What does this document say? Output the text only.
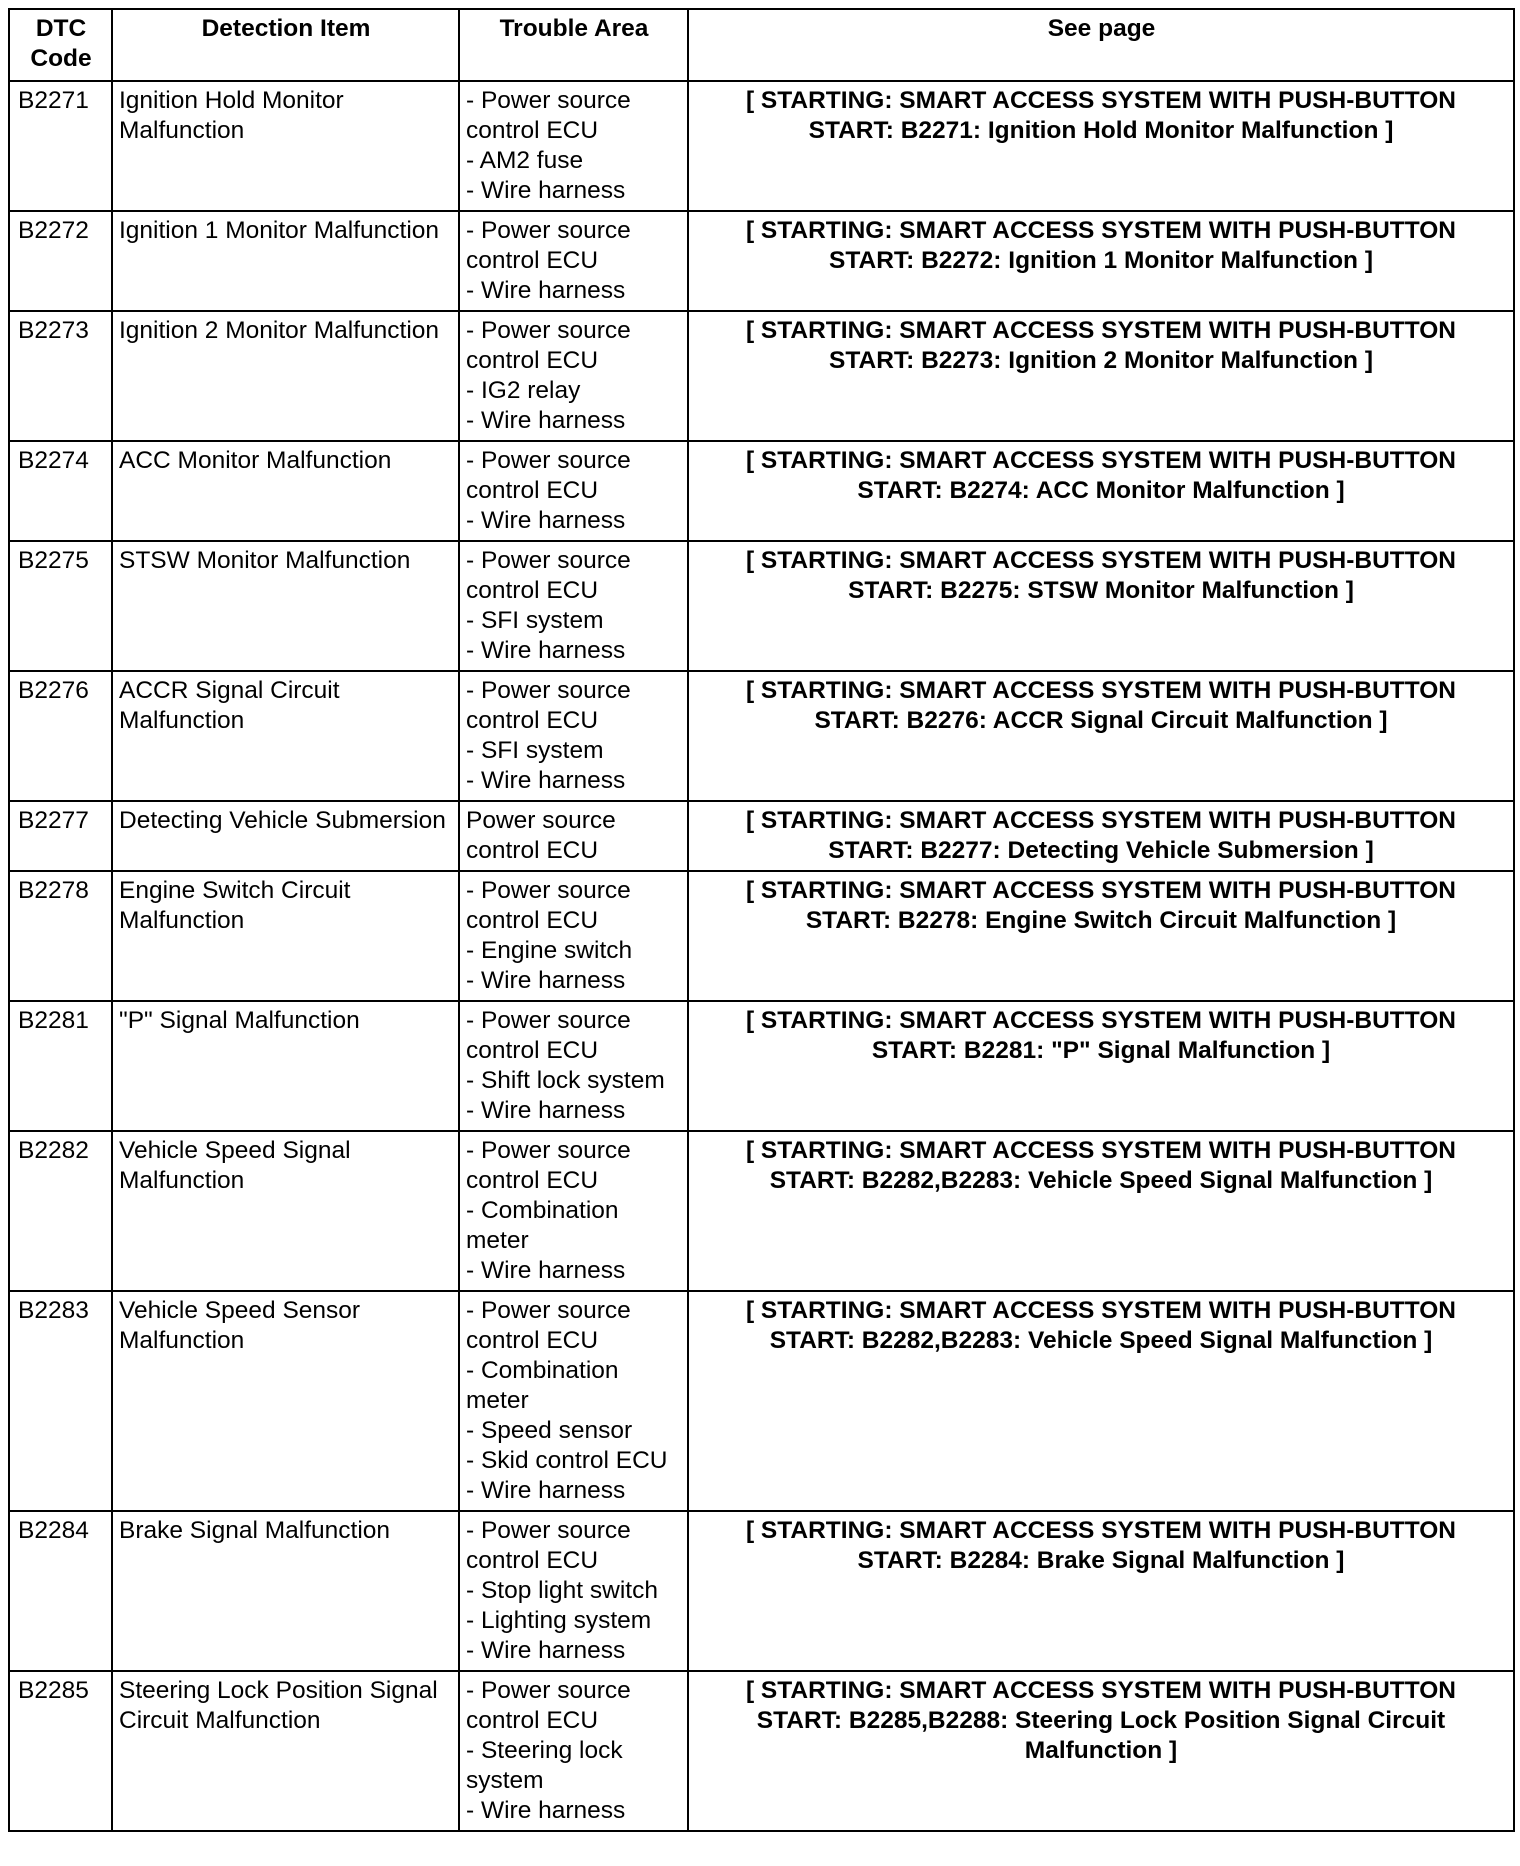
DTC
Code	Detection Item	Trouble Area	See page
B2271	Ignition Hold Monitor Malfunction	- Power source control ECU
- AM2 fuse
- Wire harness	[ STARTING: SMART ACCESS SYSTEM WITH PUSH-BUTTON START: B2271: Ignition Hold Monitor Malfunction ]
B2272	Ignition 1 Monitor Malfunction	- Power source control ECU
- Wire harness	[ STARTING: SMART ACCESS SYSTEM WITH PUSH-BUTTON START: B2272: Ignition 1 Monitor Malfunction ]
B2273	Ignition 2 Monitor Malfunction	- Power source control ECU
- IG2 relay
- Wire harness	[ STARTING: SMART ACCESS SYSTEM WITH PUSH-BUTTON START: B2273: Ignition 2 Monitor Malfunction ]
B2274	ACC Monitor Malfunction	- Power source control ECU
- Wire harness	[ STARTING: SMART ACCESS SYSTEM WITH PUSH-BUTTON START: B2274: ACC Monitor Malfunction ]
B2275	STSW Monitor Malfunction	- Power source control ECU
- SFI system
- Wire harness	[ STARTING: SMART ACCESS SYSTEM WITH PUSH-BUTTON START: B2275: STSW Monitor Malfunction ]
B2276	ACCR Signal Circuit Malfunction	- Power source control ECU
- SFI system
- Wire harness	[ STARTING: SMART ACCESS SYSTEM WITH PUSH-BUTTON START: B2276: ACCR Signal Circuit Malfunction ]
B2277	Detecting Vehicle Submersion	Power source control ECU	[ STARTING: SMART ACCESS SYSTEM WITH PUSH-BUTTON START: B2277: Detecting Vehicle Submersion ]
B2278	Engine Switch Circuit Malfunction	- Power source control ECU
- Engine switch
- Wire harness	[ STARTING: SMART ACCESS SYSTEM WITH PUSH-BUTTON START: B2278: Engine Switch Circuit Malfunction ]
B2281	"P" Signal Malfunction	- Power source control ECU
- Shift lock system
- Wire harness	[ STARTING: SMART ACCESS SYSTEM WITH PUSH-BUTTON START: B2281: "P" Signal Malfunction ]
B2282	Vehicle Speed Signal Malfunction	- Power source control ECU
- Combination meter
- Wire harness	[ STARTING: SMART ACCESS SYSTEM WITH PUSH-BUTTON START: B2282,B2283: Vehicle Speed Signal Malfunction ]
B2283	Vehicle Speed Sensor Malfunction	- Power source control ECU
- Combination meter
- Speed sensor
- Skid control ECU
- Wire harness	[ STARTING: SMART ACCESS SYSTEM WITH PUSH-BUTTON START: B2282,B2283: Vehicle Speed Signal Malfunction ]
B2284	Brake Signal Malfunction	- Power source control ECU
- Stop light switch
- Lighting system
- Wire harness	[ STARTING: SMART ACCESS SYSTEM WITH PUSH-BUTTON START: B2284: Brake Signal Malfunction ]
B2285	Steering Lock Position Signal Circuit Malfunction	- Power source control ECU
- Steering lock system
- Wire harness	[ STARTING: SMART ACCESS SYSTEM WITH PUSH-BUTTON START: B2285,B2288: Steering Lock Position Signal Circuit Malfunction ]
